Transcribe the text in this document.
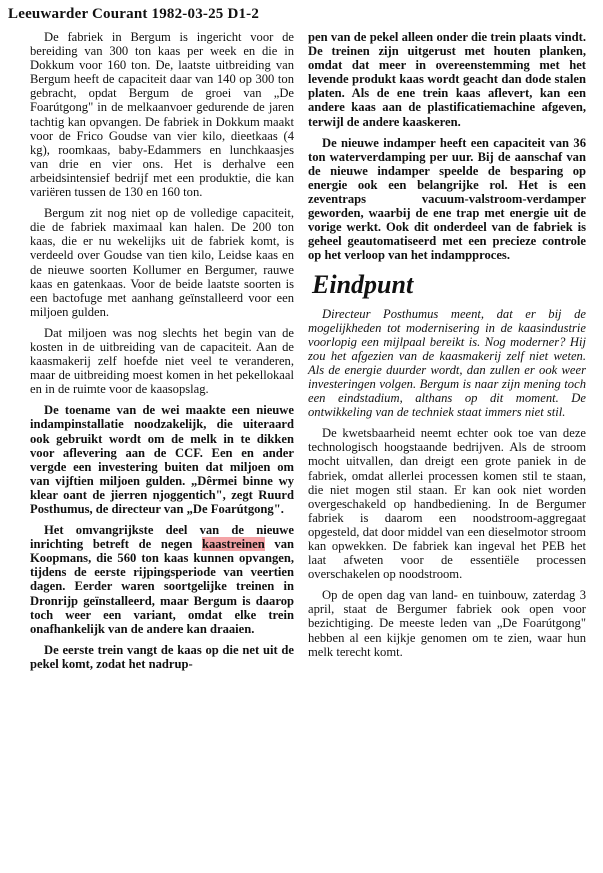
Leeuwarder Courant 1982-03-25 D1-2

De fabriek in Bergum is ingericht voor de bereiding van 300 ton kaas per week en die in Dokkum voor 160 ton. De, laatste uitbreiding van Bergum heeft de capaciteit daar van 140 op 300 ton gebracht, opdat Bergum de groei van „De Foarútgong" in de melkaanvoer gedurende de jaren tachtig kan opvangen. De fabriek in Dokkum maakt voor de Frico Goudse van vier kilo, dieetkaas (4 kg), roomkaas, baby-Edammers en lunchkaasjes van drie en vier ons. Het is derhalve een arbeidsintensief bedrijf met een produktie, die kan variëren tussen de 130 en 160 ton.

Bergum zit nog niet op de volledige capaciteit, die de fabriek maximaal kan halen. De 200 ton kaas, die er nu wekelijks uit de fabriek komt, is verdeeld over Goudse van tien kilo, Leidse kaas en de nieuwe soorten Kollumer en Bergumer, rauwe kaas en gatenkaas. Voor de beide laatste soorten is een bactofuge met aanhang geïnstalleerd voor een miljoen gulden.

Dat miljoen was nog slechts het begin van de kosten in de uitbreiding van de capaciteit. Aan de kaasmakerij zelf hoefde niet veel te veranderen, maar de uitbreiding moest komen in het pekellokaal en in de ruimte voor de kaasopslag.

De toename van de wei maakte een nieuwe indampinstallatie noodzakelijk, die uiteraard ook gebruikt wordt om de melk in te dikken voor aflevering aan de CCF. Een en ander vergde een investering buiten dat miljoen om van vijftien miljoen gulden. „Dêrmei binne wy klear oant de jierren njoggentich", zegt Ruurd Posthumus, de directeur van „De Foarútgong".

Het omvangrijkste deel van de nieuwe inrichting betreft de negen kaastreinen van Koopmans, die 560 ton kaas kunnen opvangen, tijdens de eerste rijpingsperiode van veertien dagen. Eerder waren soortgelijke treinen in Dronrijp geïnstalleerd, maar Bergum is daarop toch weer een variant, omdat elke trein onafhankelijk van de andere kan draaien.

De eerste trein vangt de kaas op die net uit de pekel komt, zodat het nadrup-

pen van de pekel alleen onder die trein plaats vindt. De treinen zijn uitgerust met houten planken, omdat dat meer in overeenstemming met het levende produkt kaas wordt geacht dan dode stalen platen. Als de ene trein kaas aflevert, kan een andere kaas aan de plastificatiemachine afgeven, terwijl de andere kaaskeren.

De nieuwe indamper heeft een capaciteit van 36 ton waterverdamping per uur. Bij de aanschaf van de nieuwe indamper speelde de besparing op energie ook een belangrijke rol. Het is een zeventraps vacuum-valstroom-verdamper geworden, waarbij de ene trap met energie uit de vorige werkt. Ook dit onderdeel van de fabriek is geheel geautomatiseerd met een precieze controle op het verloop van het indampproces.

Eindpunt

Directeur Posthumus meent, dat er bij de mogelijkheden tot modernisering in de kaasindustrie voorlopig een mijlpaal bereikt is. Nog moderner? Hij zou het afgezien van de kaasmakerij zelf niet weten. Als de energie duurder wordt, dan zullen er ook weer investeringen volgen. Bergum is naar zijn mening toch een eindstadium, althans op dit moment. De ontwikkeling van de techniek staat immers niet stil.

De kwetsbaarheid neemt echter ook toe van deze technologisch hoogstaande bedrijven. Als de stroom mocht uitvallen, dan dreigt een grote paniek in de fabriek, omdat allerlei processen komen stil te staan, die niet mogen stil staan. Er kan ook niet worden overgeschakeld op handbediening. In de Bergumer fabriek is daarom een noodstroom-aggregaat opgesteld, dat door middel van een dieselmotor stroom kan opwekken. De fabriek kan ingeval het PEB het laat afweten voor de essentiële processen overschakelen op noodstroom.

Op de open dag van land- en tuinbouw, zaterdag 3 april, staat de Bergumer fabriek ook open voor bezichtiging. De meeste leden van „De Foarútgong" hebben al een kijkje genomen om te zien, waar hun melk terecht komt.
